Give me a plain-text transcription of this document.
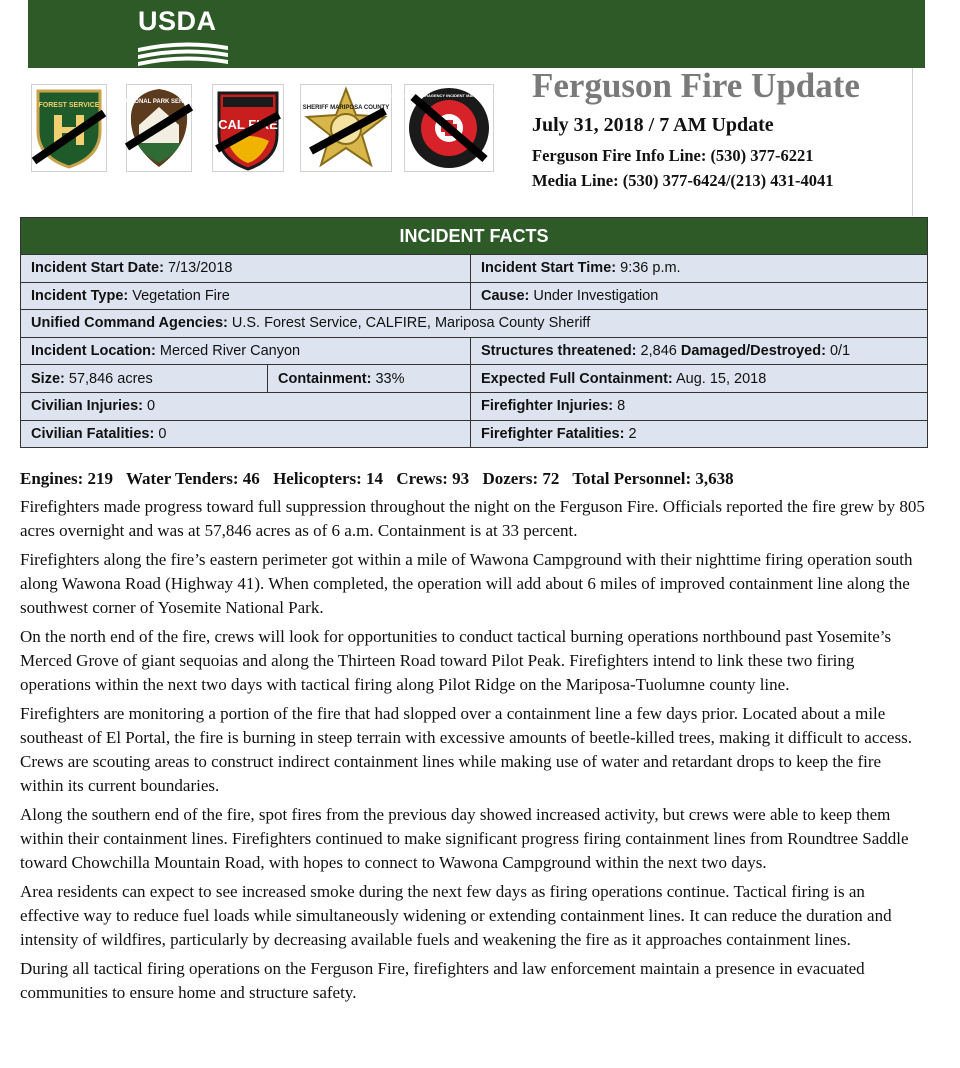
USDA
FOREST SERVICE	NATIONAL PARK SERVICE
CAL FIRE
SHERIFF MARIPOSA COUNTY
CALIFORNIA INTERAGENCY INCIDENT MANAGEMENT TEAM Ferguson Fire Update
July 31, 2018 / 7 AM Update
Ferguson Fire Info Line: (530) 377-6221
Media Line: (530) 377-6424/(213) 431-4041
INCIDENT FACTS		
Incident Start Date: 7/13/2018		Incident Start Time: 9:36 p.m.
Incident Type: Vegetation Fire		Cause: Under Investigation
Unified Command Agencies: U.S. Forest Service, CALFIRE, Mariposa County Sheriff		
Incident Location: Merced River Canyon		Structures threatened: 2,846 Damaged/Destroyed: 0/1
Size: 57,846 acres	Containment: 33%	Expected Full Containment: Aug. 15, 2018
Civilian Injuries: 0		Firefighter Injuries: 8
Civilian Fatalities: 0		Firefighter Fatalities: 2
Engines: 219 Water Tenders: 46 Helicopters: 14 Crews: 93 Dozers: 72 Total Personnel: 3,638

Firefighters made progress toward full suppression throughout the night on the Ferguson Fire. Officials reported the fire grew by 805 acres overnight and was at 57,846 acres as of 6 a.m. Containment is at 33 percent.

Firefighters along the fire’s eastern perimeter got within a mile of Wawona Campground with their nighttime firing operation south along Wawona Road (Highway 41). When completed, the operation will add about 6 miles of improved containment line along the southwest corner of Yosemite National Park.

On the north end of the fire, crews will look for opportunities to conduct tactical burning operations northbound past Yosemite’s Merced Grove of giant sequoias and along the Thirteen Road toward Pilot Peak. Firefighters intend to link these two firing operations within the next two days with tactical firing along Pilot Ridge on the Mariposa-Tuolumne county line.

Firefighters are monitoring a portion of the fire that had slopped over a containment line a few days prior. Located about a mile southeast of El Portal, the fire is burning in steep terrain with excessive amounts of beetle-killed trees, making it difficult to access. Crews are scouting areas to construct indirect containment lines while making use of water and retardant drops to keep the fire within its current boundaries.

Along the southern end of the fire, spot fires from the previous day showed increased activity, but crews were able to keep them within their containment lines. Firefighters continued to make significant progress firing containment lines from Roundtree Saddle toward Chowchilla Mountain Road, with hopes to connect to Wawona Campground within the next two days.

Area residents can expect to see increased smoke during the next few days as firing operations continue. Tactical firing is an effective way to reduce fuel loads while simultaneously widening or extending containment lines. It can reduce the duration and intensity of wildfires, particularly by decreasing available fuels and weakening the fire as it approaches containment lines.

During all tactical firing operations on the Ferguson Fire, firefighters and law enforcement maintain a presence in evacuated communities to ensure home and structure safety.
